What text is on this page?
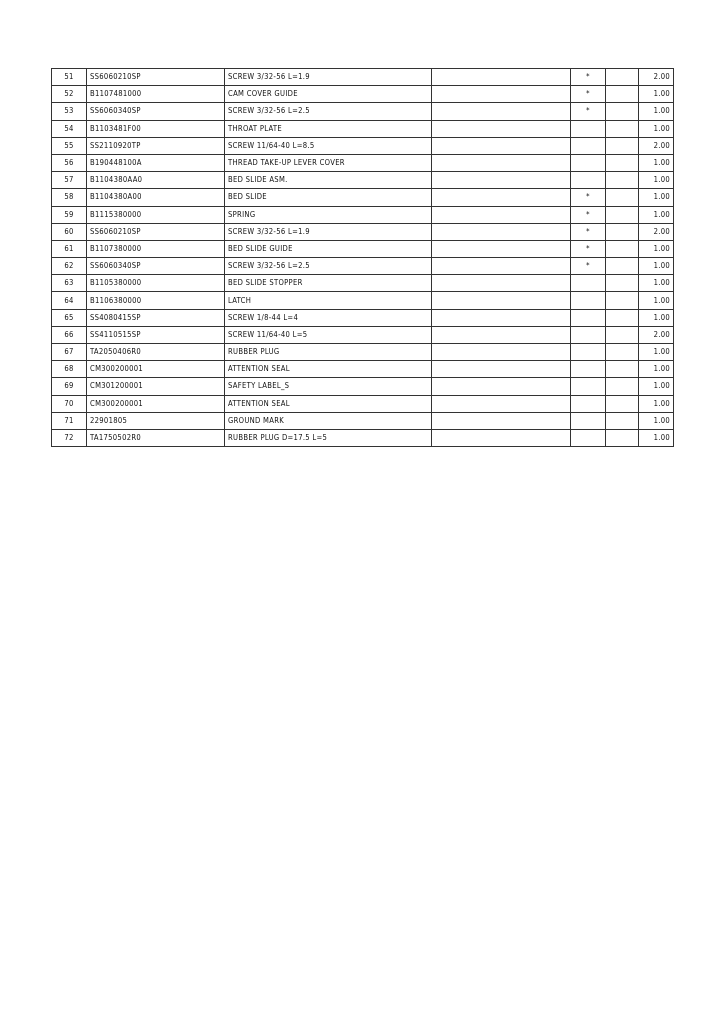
51	SS6060210SP	SCREW 3/32-56 L=1.9		*		2.00
52	B1107481000	CAM COVER GUIDE		*		1.00
53	SS6060340SP	SCREW 3/32-56 L=2.5		*		1.00
54	B1103481F00	THROAT PLATE				1.00
55	SS2110920TP	SCREW 11/64-40 L=8.5				2.00
56	B190448100A	THREAD TAKE-UP LEVER COVER				1.00
57	B1104380AA0	BED SLIDE ASM.				1.00
58	B1104380A00	BED SLIDE		*		1.00
59	B1115380000	SPRING		*		1.00
60	SS6060210SP	SCREW 3/32-56 L=1.9		*		2.00
61	B1107380000	BED SLIDE GUIDE		*		1.00
62	SS6060340SP	SCREW 3/32-56 L=2.5		*		1.00
63	B1105380000	BED SLIDE STOPPER				1.00
64	B1106380000	LATCH				1.00
65	SS4080415SP	SCREW 1/8-44 L=4				1.00
66	SS4110515SP	SCREW 11/64-40 L=5				2.00
67	TA2050406R0	RUBBER PLUG				1.00
68	CM300200001	ATTENTION SEAL				1.00
69	CM301200001	SAFETY LABEL_S				1.00
70	CM300200001	ATTENTION SEAL				1.00
71	22901805	GROUND MARK				1.00
72	TA1750502R0	RUBBER PLUG D=17.5 L=5				1.00
